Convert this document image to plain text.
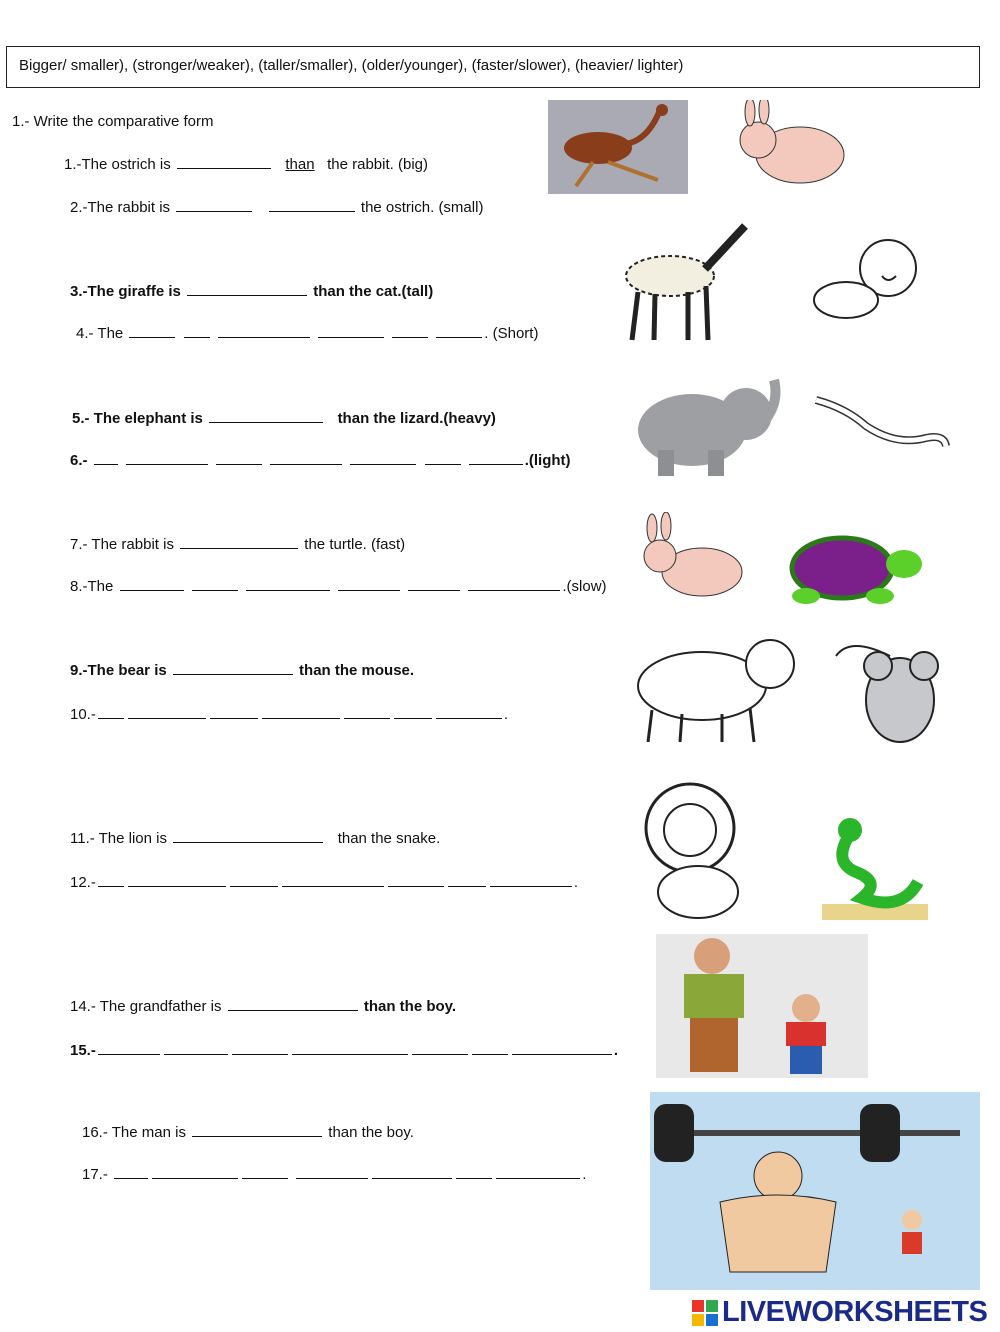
Bigger/ smaller), (stronger/weaker), (taller/smaller), (older/younger), (faster/slower), (heavier/ lighter)
1.- Write the comparative form
1.-The ostrich is	than the rabbit. (big)
2.-The rabbit is	the ostrich. (small)
3.-The giraffe is	than the cat.(tall)
4.- The	. (Short)
5.- The elephant is	than the lizard.(heavy)
6.-	.(light)
7.- The rabbit is	the turtle. (fast)
8.-The	.(slow)
9.-The bear is	than the mouse.
10.-	.
11.- The lion is	than the snake.
12.-	.
14.- The grandfather is	than the boy.
15.-	.
16.- The man is	than the boy.
17.-	.
LIVEWORKSHEETS
